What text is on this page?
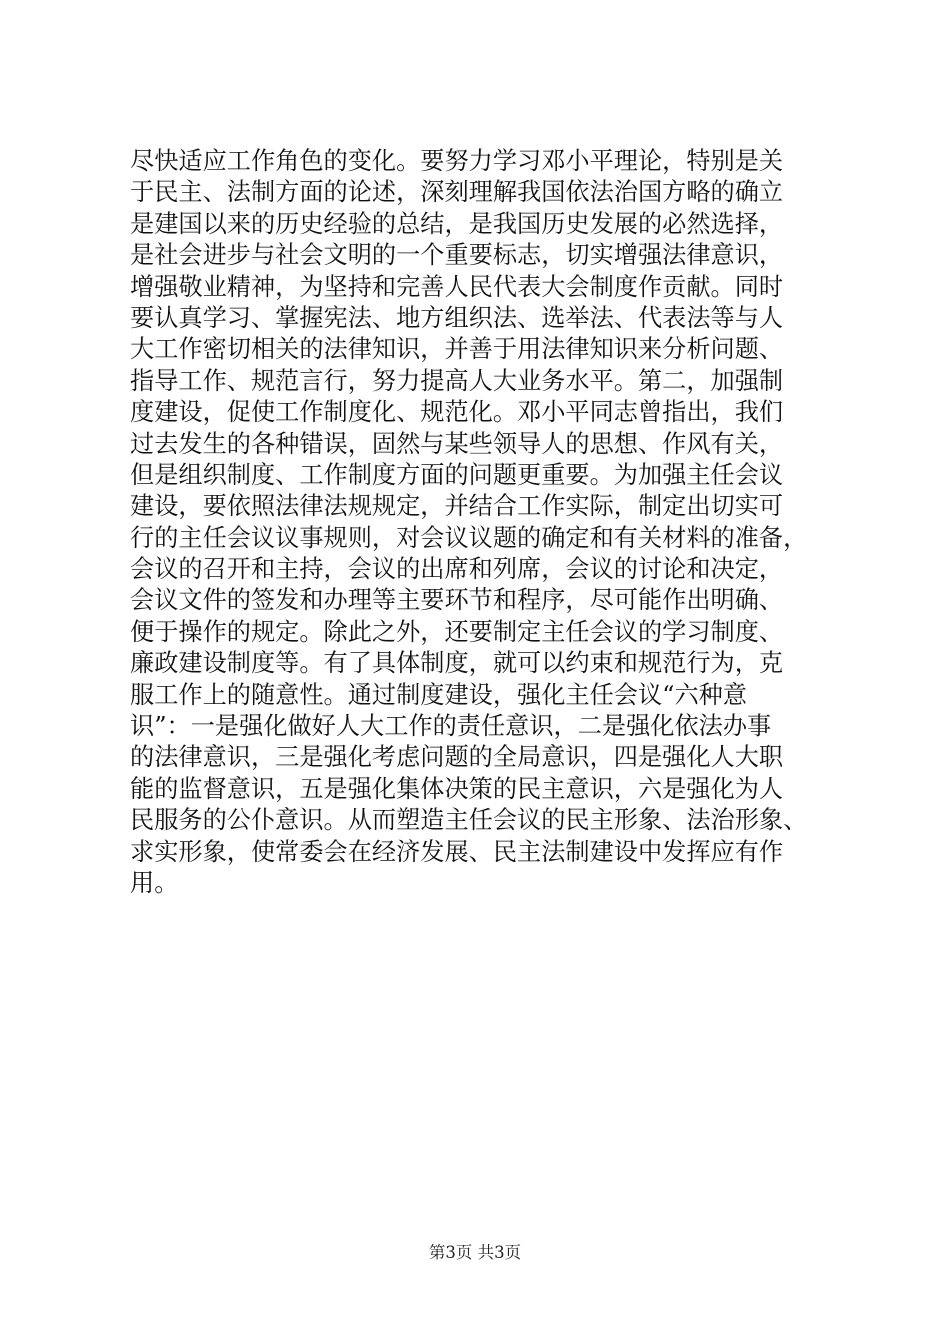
尽快适应工作角色的变化。要努力学习邓小平理论，特别是关
于民主、法制方面的论述，深刻理解我国依法治国方略的确立
是建国以来的历史经验的总结，是我国历史发展的必然选择，
是社会进步与社会文明的一个重要标志，切实增强法律意识，
增强敬业精神，为坚持和完善人民代表大会制度作贡献。同时
要认真学习、掌握宪法、地方组织法、选举法、代表法等与人
大工作密切相关的法律知识，并善于用法律知识来分析问题、
指导工作、规范言行，努力提高人大业务水平。第二，加强制
度建设，促使工作制度化、规范化。邓小平同志曾指出，我们
过去发生的各种错误，固然与某些领导人的思想、作风有关，
但是组织制度、工作制度方面的问题更重要。为加强主任会议
建设，要依照法律法规规定，并结合工作实际，制定出切实可
行的主任会议议事规则，对会议议题的确定和有关材料的准备，
会议的召开和主持，会议的出席和列席，会议的讨论和决定，
会议文件的签发和办理等主要环节和程序，尽可能作出明确、
便于操作的规定。除此之外，还要制定主任会议的学习制度、
廉政建设制度等。有了具体制度，就可以约束和规范行为，克
服工作上的随意性。通过制度建设，强化主任会议“六种意
识”：一是强化做好人大工作的责任意识，二是强化依法办事
的法律意识，三是强化考虑问题的全局意识，四是强化人大职
能的监督意识，五是强化集体决策的民主意识，六是强化为人
民服务的公仆意识。从而塑造主任会议的民主形象、法治形象、
求实形象，使常委会在经济发展、民主法制建设中发挥应有作
用。
第3页 共3页
